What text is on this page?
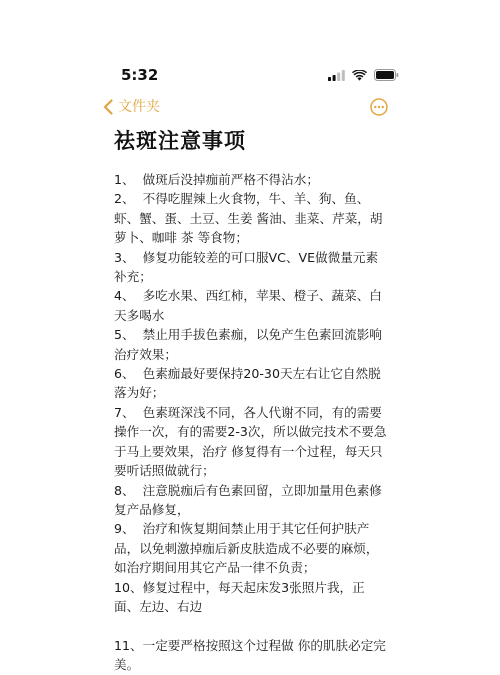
5:32
文件夹
祛斑注意事项

1、  做斑后没掉痂前严格不得沾水；

2、  不得吃腥辣上火食物，牛、羊、狗、鱼、虾、蟹、蛋、土豆、生姜 酱油、韭菜、芹菜，胡萝卜、咖啡 茶 等食物；

3、  修复功能较差的可口服VC、VE做微量元素补充；

4、  多吃水果、西红柿，苹果、橙子、蔬菜、白天多喝水

5、  禁止用手拔色素痂，以免产生色素回流影响治疗效果；

6、  色素痂最好要保持20-30天左右让它自然脱落为好；

7、  色素斑深浅不同，各人代谢不同，有的需要操作一次，有的需要2-3次，所以做完技术不要急于马上要效果，治疗 修复得有一个过程，每天只要听话照做就行；

8、  注意脱痂后有色素回留，立即加量用色素修复产品修复，

9、  治疗和恢复期间禁止用于其它任何护肤产品，以免刺激掉痂后新皮肤造成不必要的麻烦，如治疗期间用其它产品一律不负责；

10、修复过程中，每天起床发3张照片我，正面、左边、右边

11、一定要严格按照这个过程做 你的肌肤必定完美。
